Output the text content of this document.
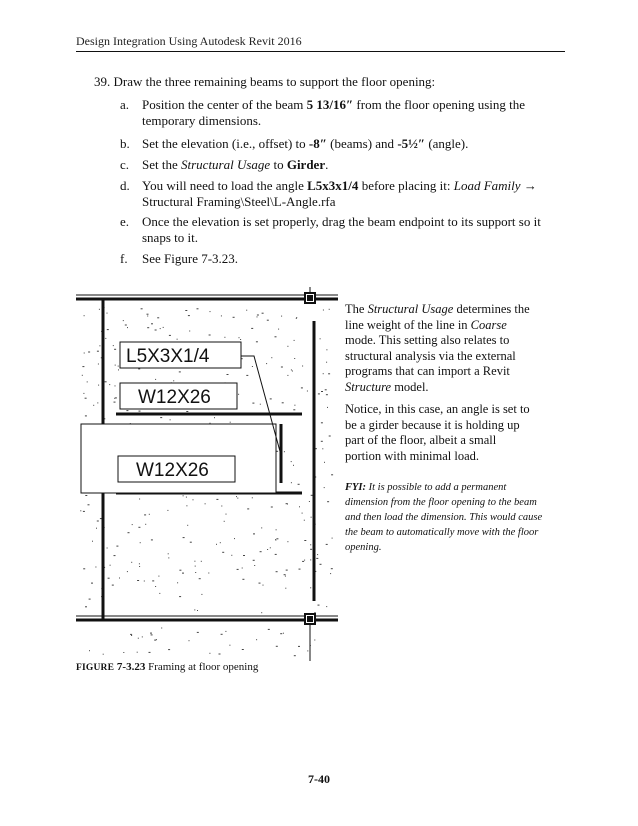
Design Integration Using Autodesk Revit 2016
39. Draw the three remaining beams to support the floor opening:
a. Position the center of the beam 5 13/16″ from the floor opening using the
temporary dimensions.
b. Set the elevation (i.e., offset) to -8″ (beams) and -5½″ (angle).
c. Set the Structural Usage to Girder.
d. You will need to load the angle L5x3x1/4 before placing it: Load Family →
Structural Framing\Steel\L-Angle.rfa
e. Once the elevation is set properly, drag the beam endpoint to its support so it
snaps to it.
f. See Figure 7-3.23.
L5X3X1/4
W12X26
W12X26
The Structural Usage determines the
line weight of the line in Coarse
mode. This setting also relates to
structural analysis via the external
programs that can import a Revit
Structure model.
Notice, in this case, an angle is set to
be a girder because it is holding up
part of the floor, albeit a small
portion with minimal load.
FYI: It is possible to add a permanent
dimension from the floor opening to the beam
and then load the dimension. This would cause
the beam to automatically move with the floor
opening.
FIGURE 7-3.23 Framing at floor opening
7-40
